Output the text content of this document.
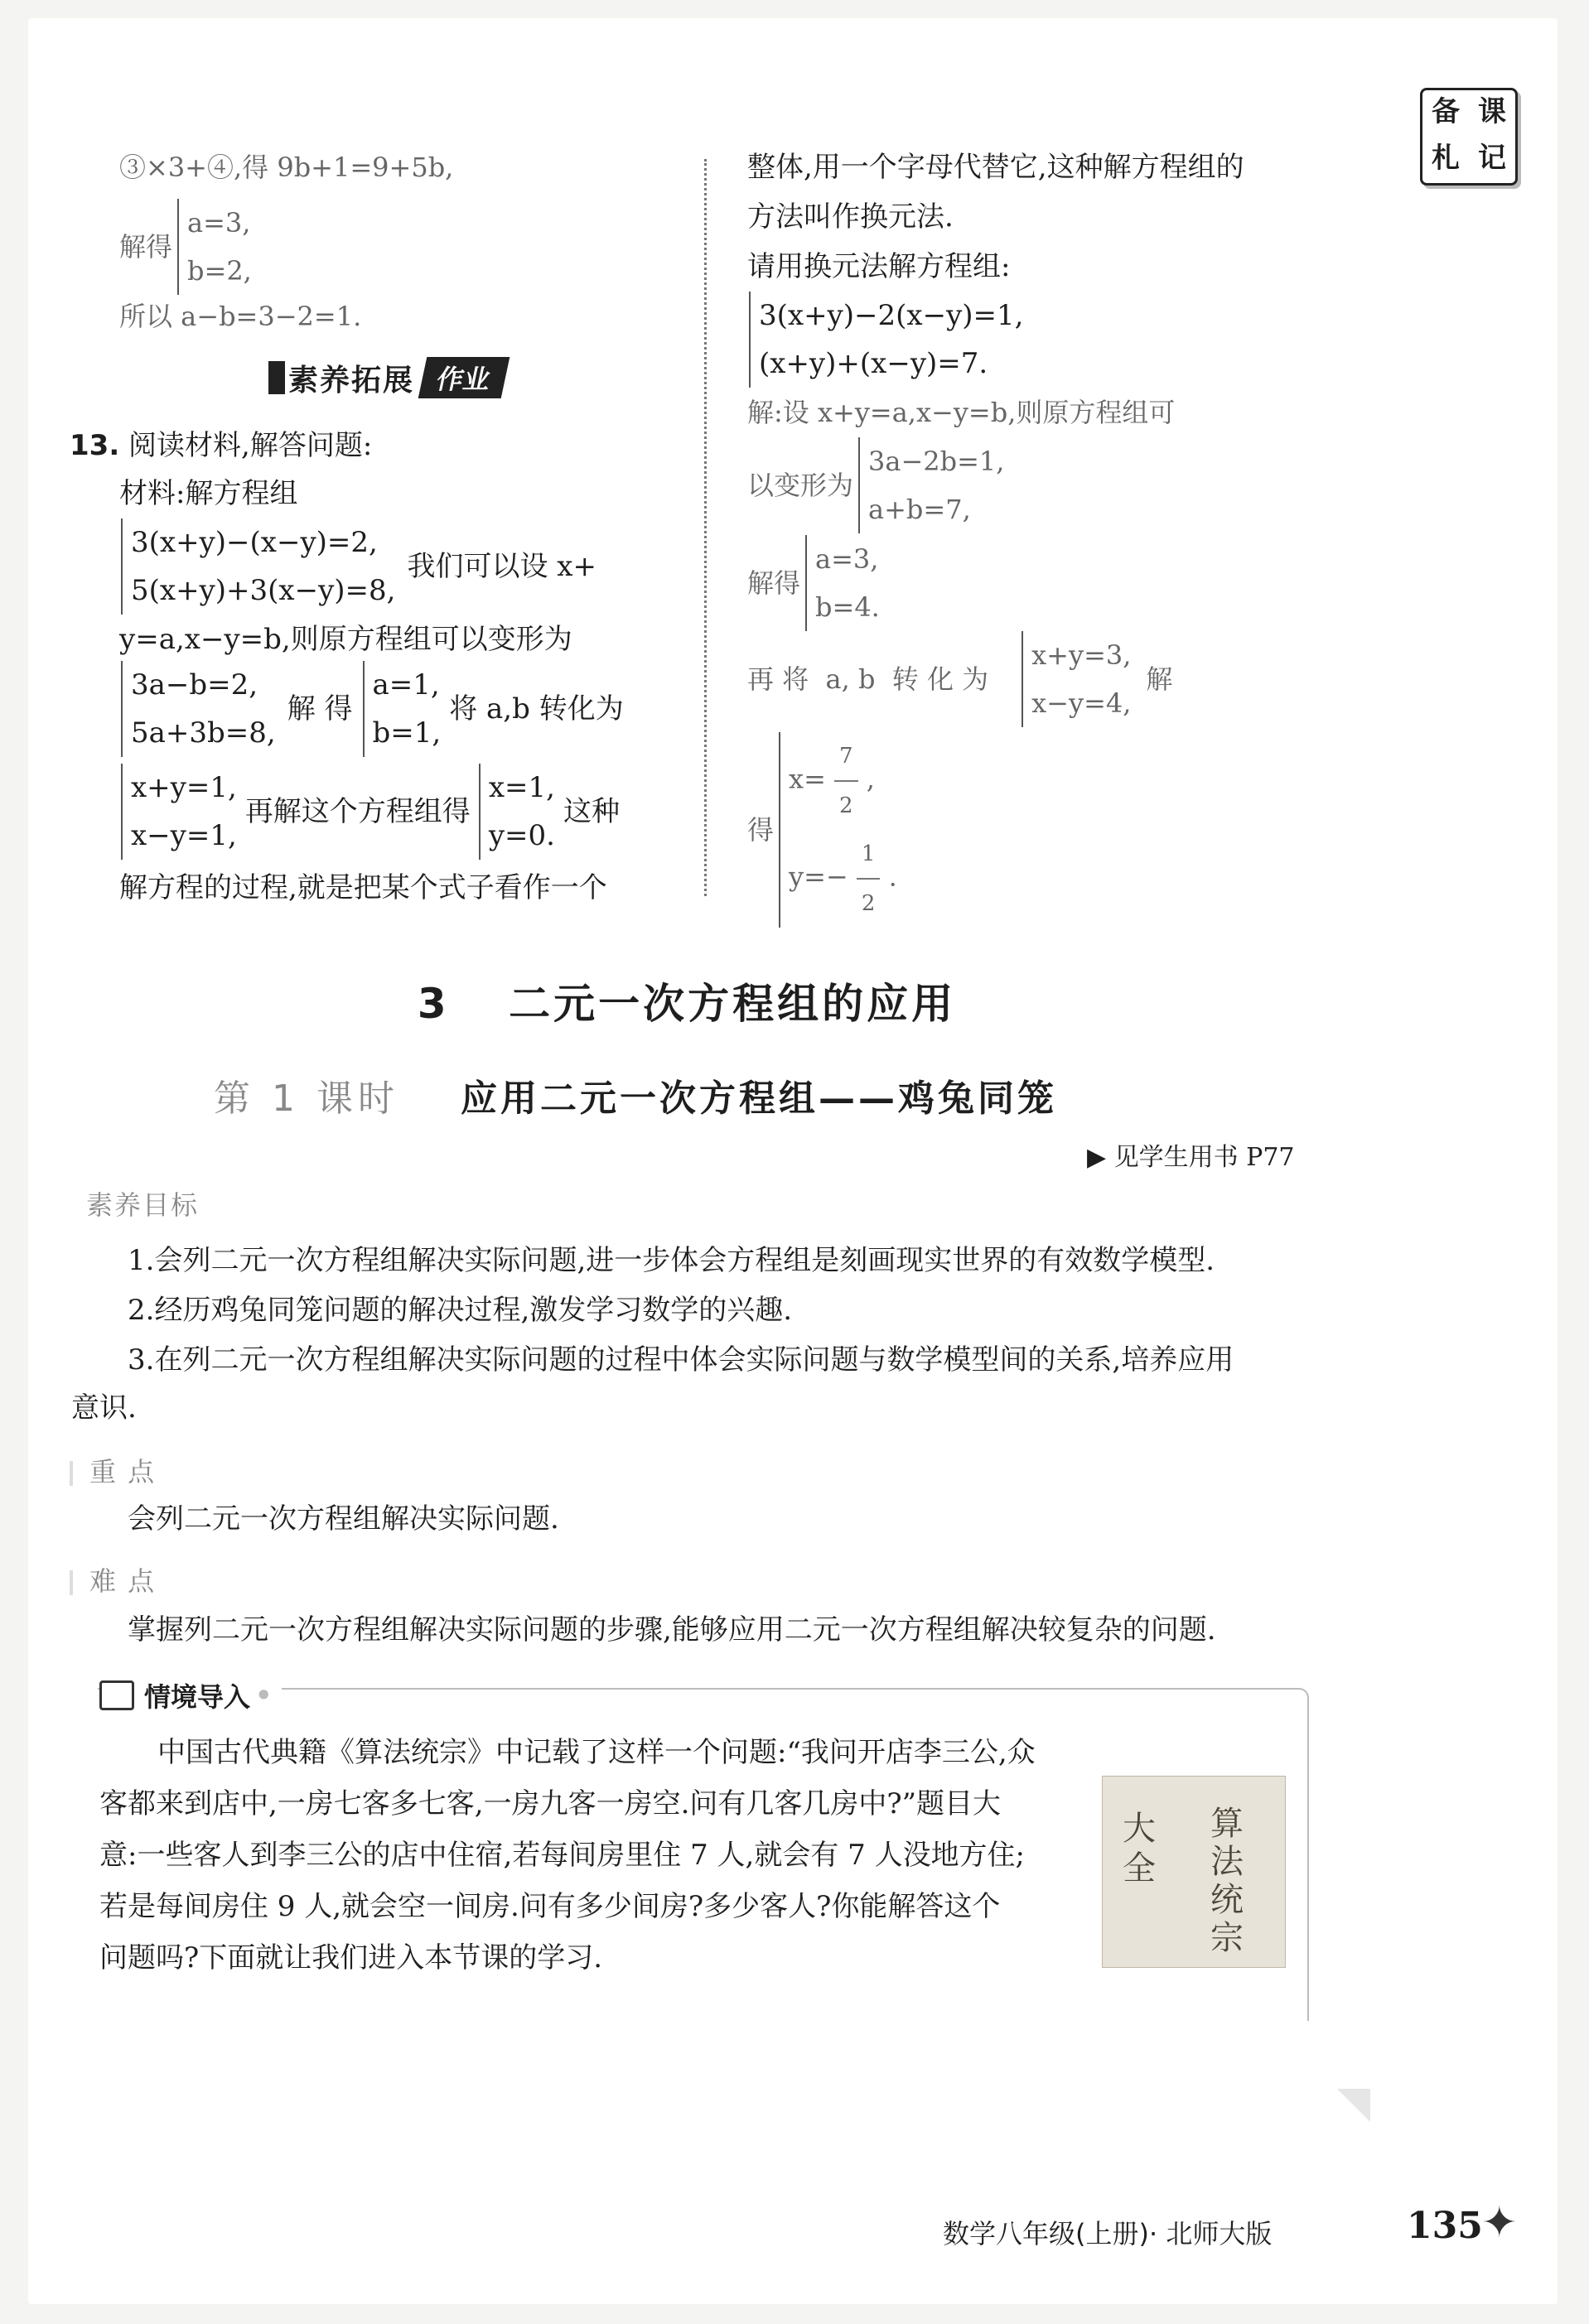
备 课
札 记
③×3+④,得 9b+1=9+5b,
解得
a=3,
b=2,
所以 a−b=3−2=1.
素养拓展 作业
13. 阅读材料,解答问题:
材料:解方程组
3(x+y)−(x−y)=2,
5(x+y)+3(x−y)=8,
我们可以设 x+
y=a,x−y=b,则原方程组可以变形为
3a−b=2,
5a+3b=8,
解 得
a=1,
b=1,
将 a,b 转化为
x+y=1,
x−y=1,
再解这个方程组得
x=1,
y=0.
这种
解方程的过程,就是把某个式子看作一个
整体,用一个字母代替它,这种解方程组的
方法叫作换元法.
请用换元法解方程组:
3(x+y)−2(x−y)=1,
(x+y)+(x−y)=7.
解:设 x+y=a,x−y=b,则原方程组可
以变形为
3a−2b=1,
a+b=7,
解得
a=3,
b=4.
再 将  a, b  转 化 为
x+y=3,
x−y=4,
解
得
$x= \frac{7}{2}$ ,
$y=- \frac{1}{2}$ .
3 二元一次方程组的应用
第 1 课时 应用二元一次方程组——鸡兔同笼
▶ 见学生用书 P77
素养目标
1.会列二元一次方程组解决实际问题,进一步体会方程组是刻画现实世界的有效数学模型.
2.经历鸡兔同笼问题的解决过程,激发学习数学的兴趣.
3.在列二元一次方程组解决实际问题的过程中体会实际问题与数学模型间的关系,培养应用
意识.
重 点
会列二元一次方程组解决实际问题.
难 点
掌握列二元一次方程组解决实际问题的步骤,能够应用二元一次方程组解决较复杂的问题.
情境导入 •
中国古代典籍《算法统宗》中记载了这样一个问题:“我问开店李三公,众
客都来到店中,一房七客多七客,一房九客一房空.问有几客几房中?”题目大
意:一些客人到李三公的店中住宿,若每间房里住 7 人,就会有 7 人没地方住;
若是每间房住 9 人,就会空一间房.问有多少间房?多少客人?你能解答这个
问题吗?下面就让我们进入本节课的学习.
大
全
算
法
统
宗
数学八年级(上册)· 北师大版	135
✦
